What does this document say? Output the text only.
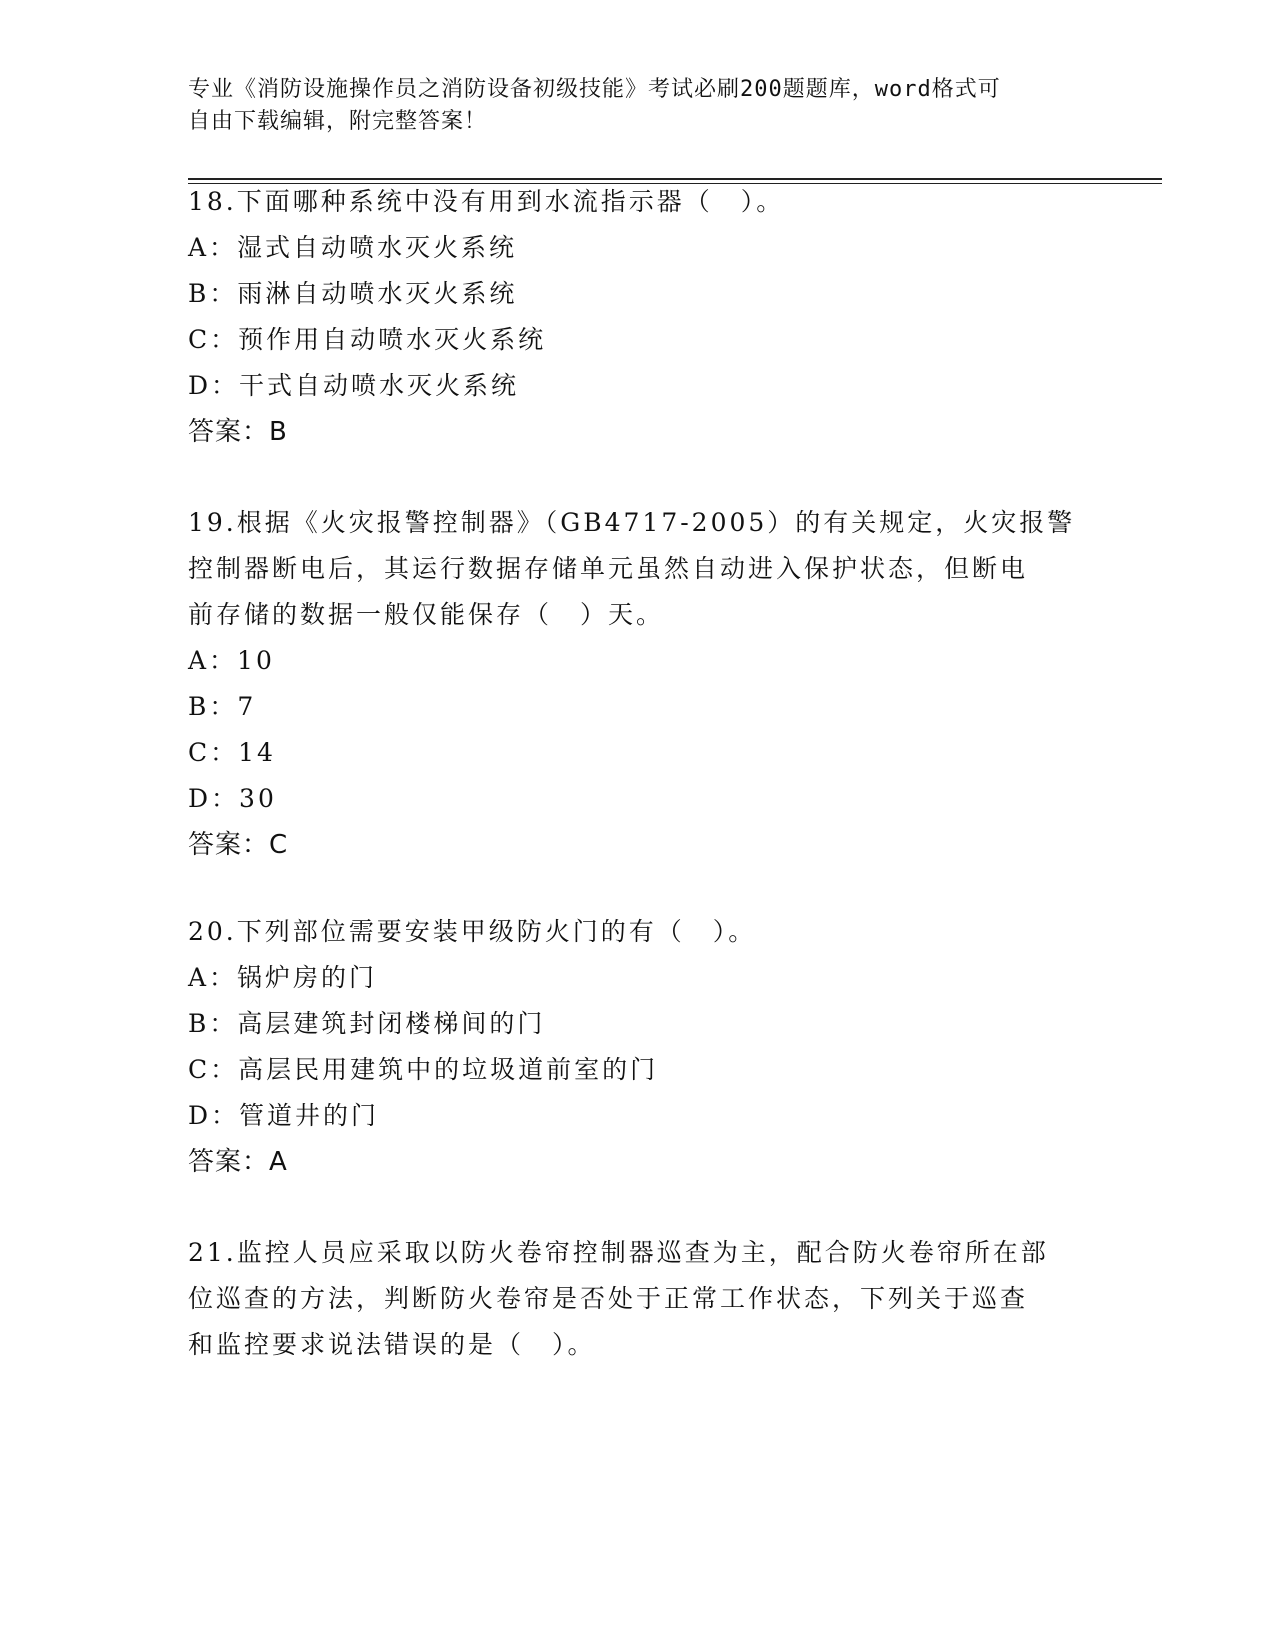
专业《消防设施操作员之消防设备初级技能》考试必刷200题题库，word格式可
自由下载编辑，附完整答案！
18.下面哪种系统中没有用到水流指示器（　）。
A：湿式自动喷水灭火系统
B：雨淋自动喷水灭火系统
C：预作用自动喷水灭火系统
D：干式自动喷水灭火系统
答案：B
19.根据《火灾报警控制器》（GB4717-2005）的有关规定，火灾报警
控制器断电后，其运行数据存储单元虽然自动进入保护状态，但断电
前存储的数据一般仅能保存（　）天。
A：10
B：7
C：14
D：30
答案：C
20.下列部位需要安装甲级防火门的有（　）。
A：锅炉房的门
B：高层建筑封闭楼梯间的门
C：高层民用建筑中的垃圾道前室的门
D：管道井的门
答案：A
21.监控人员应采取以防火卷帘控制器巡查为主，配合防火卷帘所在部
位巡查的方法，判断防火卷帘是否处于正常工作状态，下列关于巡查
和监控要求说法错误的是（　）。
